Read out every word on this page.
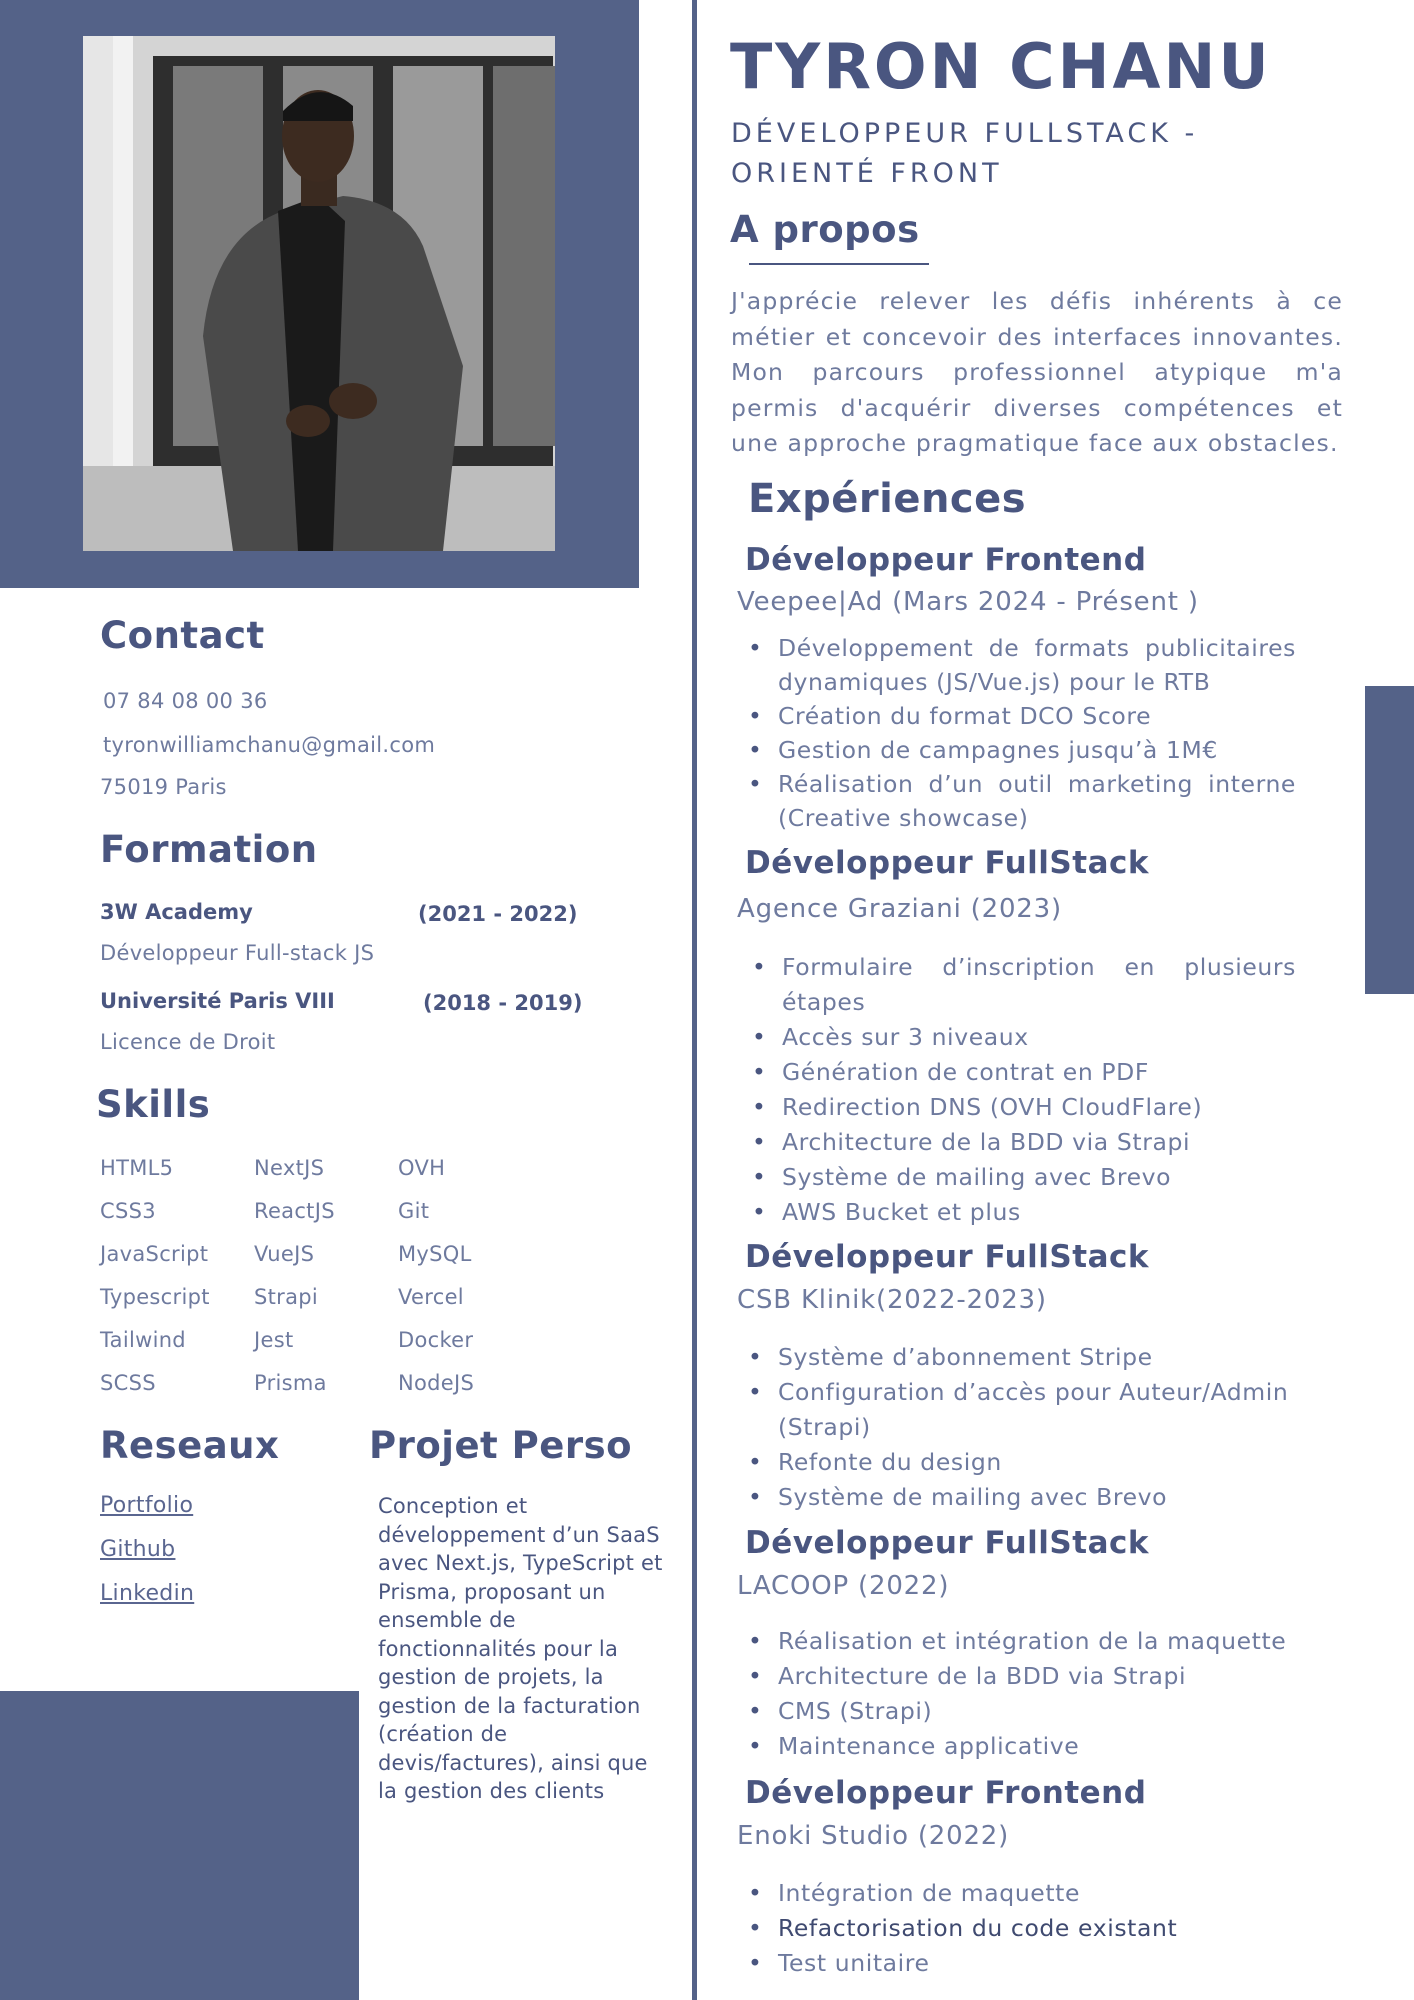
Contact
07 84 08 00 36
tyronwilliamchanu@gmail.com
75019 Paris
Formation
3W Academy	(2021 - 2022)
Développeur Full-stack JS
Université Paris VIII	(2018 - 2019)
Licence de Droit
Skills
HTML5
CSS3
JavaScript
Typescript
Tailwind
SCSS
NextJS
ReactJS
VueJS
Strapi
Jest
Prisma
OVH
Git
MySQL
Vercel
Docker
NodeJS
Reseaux
Portfolio
Github
Linkedin
Projet Perso
Conception et développement d’un SaaS avec Next.js, TypeScript et Prisma, proposant un ensemble de fonctionnalités pour la gestion de projets, la gestion de la facturation (création de devis/factures), ainsi que la gestion des clients
TYRON CHANU
DÉVELOPPEUR FULLSTACK - ORIENTÉ FRONT
A propos
J'apprécie relever les défis inhérents à ce métier et concevoir des interfaces innovantes. Mon parcours professionnel atypique m'a permis d'acquérir diverses compétences et une approche pragmatique face aux obstacles.
Expériences
Développeur Frontend
Veepee|Ad (Mars 2024 - Présent )
• Développement de formats publicitaires dynamiques (JS/Vue.js) pour le RTB
• Création du format DCO Score
• Gestion de campagnes jusqu’à 1M€
• Réalisation d’un outil marketing interne (Creative showcase)
Développeur FullStack
Agence Graziani (2023)
• Formulaire d’inscription en plusieurs étapes
• Accès sur 3 niveaux
• Génération de contrat en PDF
• Redirection DNS (OVH CloudFlare)
• Architecture de la BDD via Strapi
• Système de mailing avec Brevo
• AWS Bucket et plus
Développeur FullStack
CSB Klinik(2022-2023)
• Système d’abonnement Stripe
• Configuration d’accès pour Auteur/Admin (Strapi)
• Refonte du design
• Système de mailing avec Brevo
Développeur FullStack
LACOOP (2022)
• Réalisation et intégration de la maquette
• Architecture de la BDD via Strapi
• CMS (Strapi)
• Maintenance applicative
Développeur Frontend
Enoki Studio (2022)
• Intégration de maquette
• Refactorisation du code existant
• Test unitaire
